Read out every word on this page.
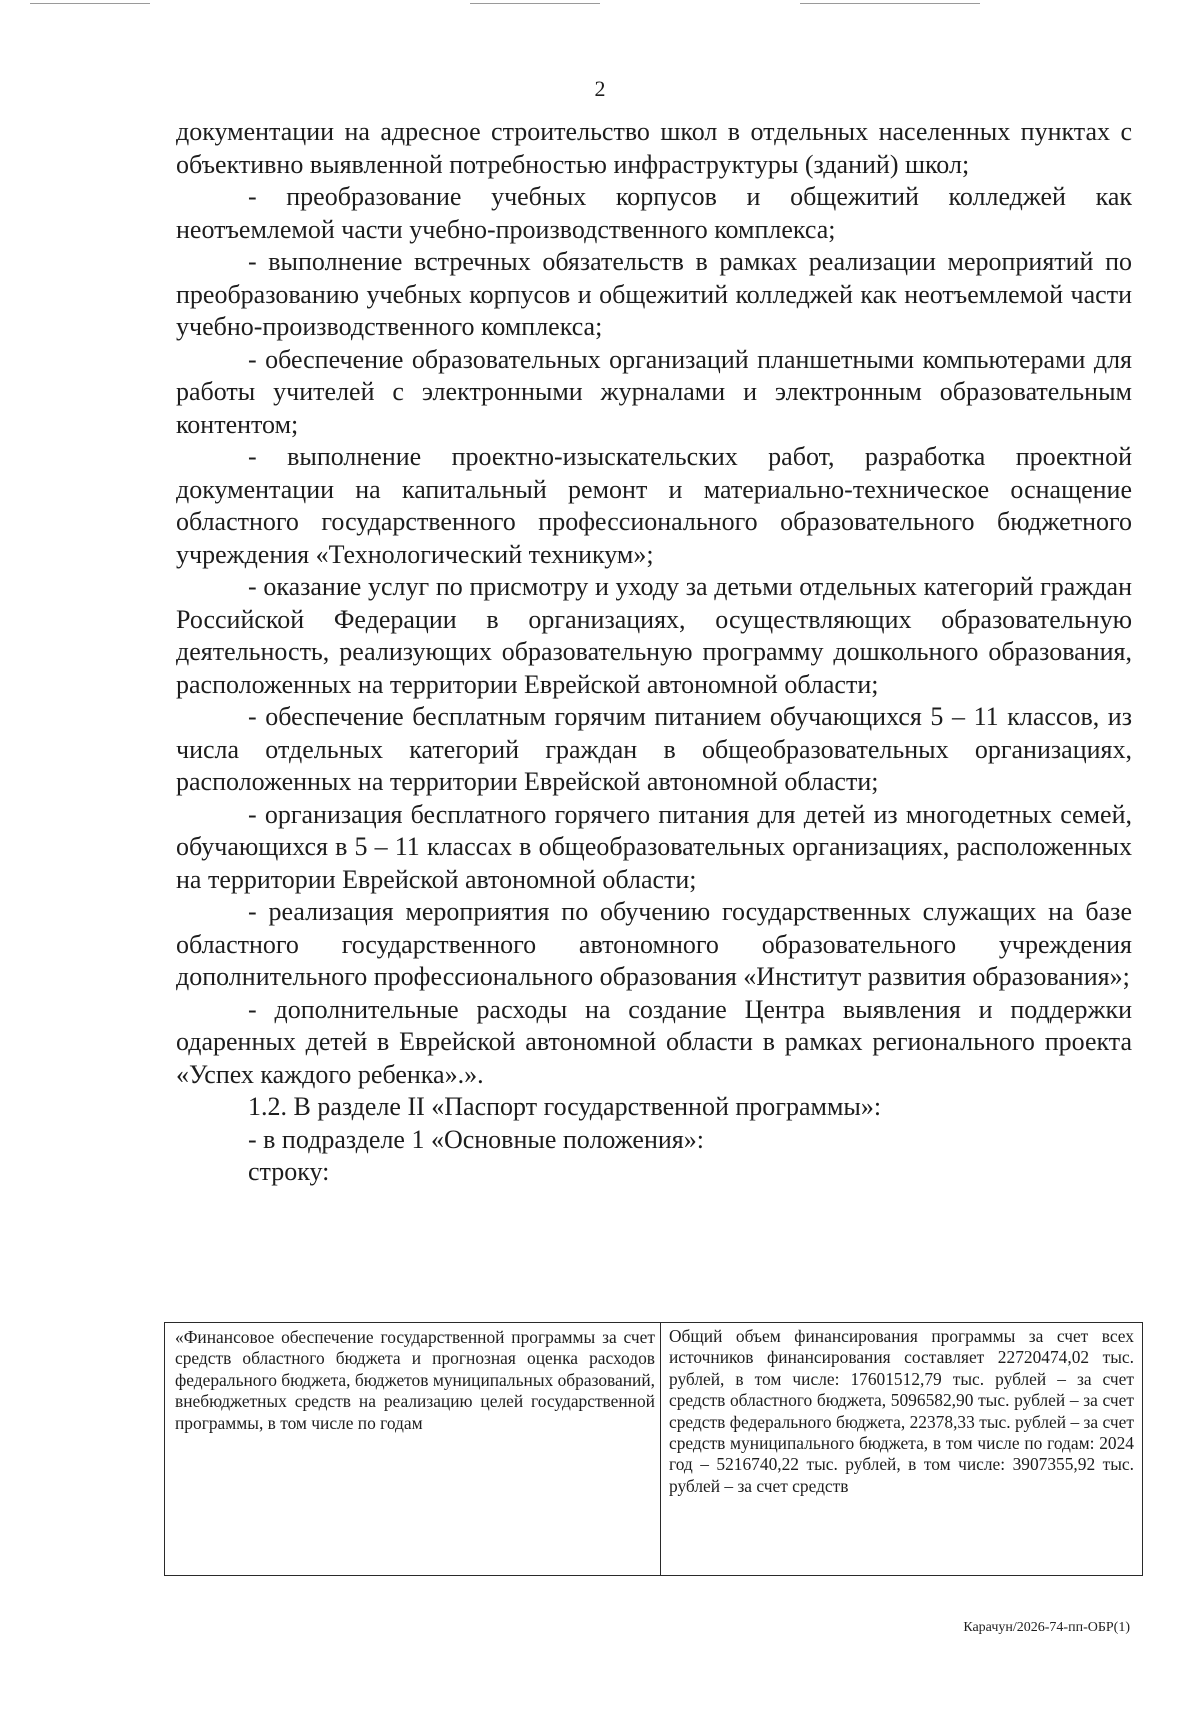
2

документации на адресное строительство школ в отдельных населенных пунктах с объективно выявленной потребностью инфраструктуры (зданий) школ;

- преобразование учебных корпусов и общежитий колледжей как неотъемлемой части учебно-производственного комплекса;

- выполнение встречных обязательств в рамках реализации мероприятий по преобразованию учебных корпусов и общежитий колледжей как неотъемлемой части учебно-производственного комплекса;

- обеспечение образовательных организаций планшетными компьютерами для работы учителей с электронными журналами и электронным образовательным контентом;

- выполнение проектно-изыскательских работ, разработка проектной документации на капитальный ремонт и материально-техническое оснащение областного государственного профессионального образовательного бюджетного учреждения «Технологический техникум»;

- оказание услуг по присмотру и уходу за детьми отдельных категорий граждан Российской Федерации в организациях, осуществляющих образовательную деятельность, реализующих образовательную программу дошкольного образования, расположенных на территории Еврейской автономной области;

- обеспечение бесплатным горячим питанием обучающихся 5 – 11 классов, из числа отдельных категорий граждан в общеобразовательных организациях, расположенных на территории Еврейской автономной области;

- организация бесплатного горячего питания для детей из многодетных семей, обучающихся в 5 – 11 классах в общеобразовательных организациях, расположенных на территории Еврейской автономной области;

- реализация мероприятия по обучению государственных служащих на базе областного государственного автономного образовательного учреждения дополнительного профессионального образования «Институт развития образования»;

- дополнительные расходы на создание Центра выявления и поддержки одаренных детей в Еврейской автономной области в рамках регионального проекта «Успех каждого ребенка».».

1.2. В разделе II «Паспорт государственной программы»:

- в подразделе 1 «Основные положения»:

строку:

«Финансовое обеспечение государственной программы за счет средств областного бюджета и прогнозная оценка расходов федерального бюджета, бюджетов муниципальных образований, внебюджетных средств на реализацию целей государственной программы, в том числе по годам
Общий объем финансирования программы за счет всех источников финансирования составляет 22720474,02 тыс. рублей, в том числе: 17601512,79 тыс. рублей – за счет средств областного бюджета, 5096582,90 тыс. рублей – за счет средств федерального бюджета, 22378,33 тыс. рублей – за счет средств муниципального бюджета, в том числе по годам: 2024 год – 5216740,22 тыс. рублей, в том числе: 3907355,92 тыс. рублей – за счет средств
Карачун/2026-74-пп-ОБР(1)
